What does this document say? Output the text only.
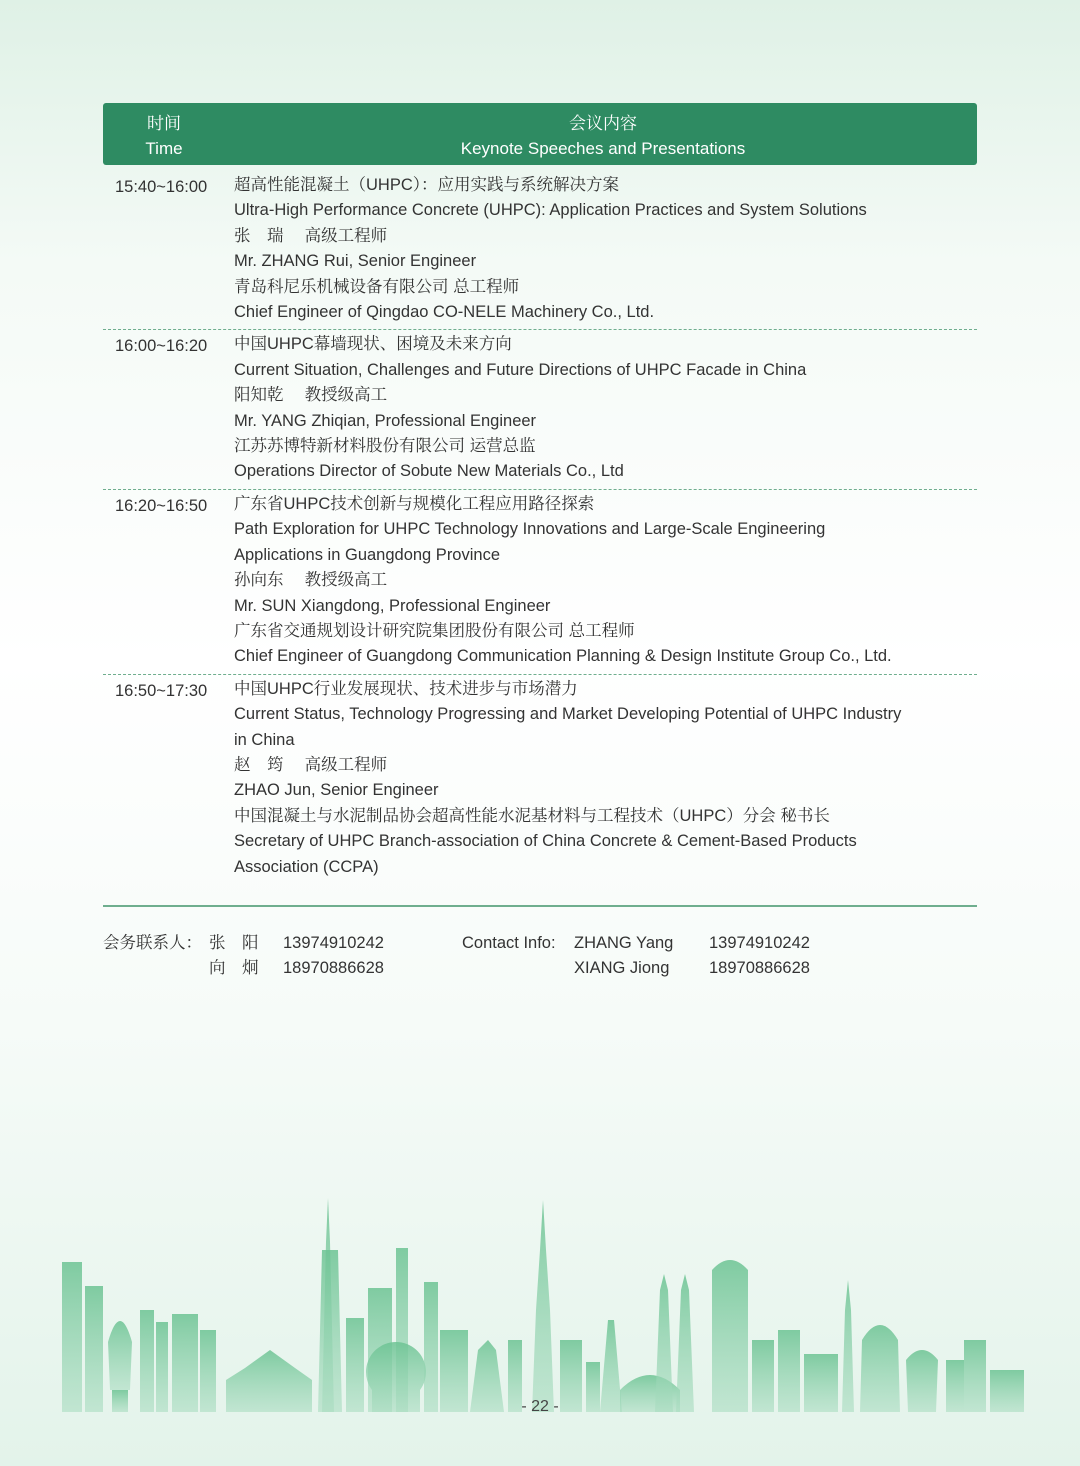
时间
Time
会议内容
Keynote Speeches and Presentations
15:40~16:00 超高性能混凝土（UHPC）：应用实践与系统解决方案
Ultra-High Performance Concrete (UHPC): Application Practices and System Solutions
张　瑞　 高级工程师
Mr. ZHANG Rui, Senior Engineer
青岛科尼乐机械设备有限公司 总工程师
Chief Engineer of Qingdao CO-NELE Machinery Co., Ltd.
16:00~16:20 中国UHPC幕墙现状、困境及未来方向
Current Situation, Challenges and Future Directions of UHPC Facade in China
阳知乾　 教授级高工
Mr. YANG Zhiqian, Professional Engineer
江苏苏博特新材料股份有限公司 运营总监
Operations Director of Sobute New Materials Co., Ltd
16:20~16:50 广东省UHPC技术创新与规模化工程应用路径探索
Path Exploration for UHPC Technology Innovations and Large-Scale Engineering
Applications in Guangdong Province
孙向东　 教授级高工
Mr. SUN Xiangdong, Professional Engineer
广东省交通规划设计研究院集团股份有限公司 总工程师
Chief Engineer of Guangdong Communication Planning & Design Institute Group Co., Ltd.
16:50~17:30 中国UHPC行业发展现状、技术进步与市场潜力
Current Status, Technology Progressing and Market Developing Potential of UHPC Industry
in China
赵　筠　 高级工程师
ZHAO Jun, Senior Engineer
中国混凝土与水泥制品协会超高性能水泥基材料与工程技术（UHPC）分会 秘书长
Secretary of UHPC Branch-association of China Concrete & Cement-Based Products
Association (CCPA)
会务联系人： 张　阳
向　炯
13974910242
18970886628
Contact Info: ZHANG Yang
XIANG Jiong
13974910242
18970886628
- 22 -
